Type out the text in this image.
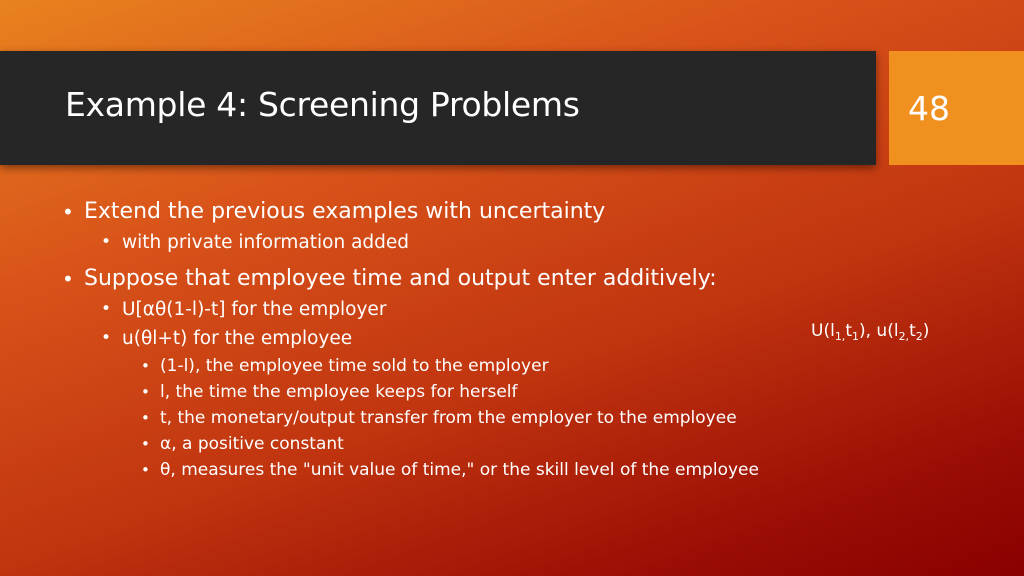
Example 4: Screening Problems	48
• Extend the previous examples with uncertainty
• with private information added
• Suppose that employee time and output enter additively:
• U[αθ(1-l)-t] for the employer
• u(θl+t) for the employee
• (1-l), the employee time sold to the employer
• l, the time the employee keeps for herself
• t, the monetary/output transfer from the employer to the employee
• α, a positive constant
• θ, measures the "unit value of time," or the skill level of the employee
$U(l_{1,}t_1)$, $u(l_{2,}t_2)$
